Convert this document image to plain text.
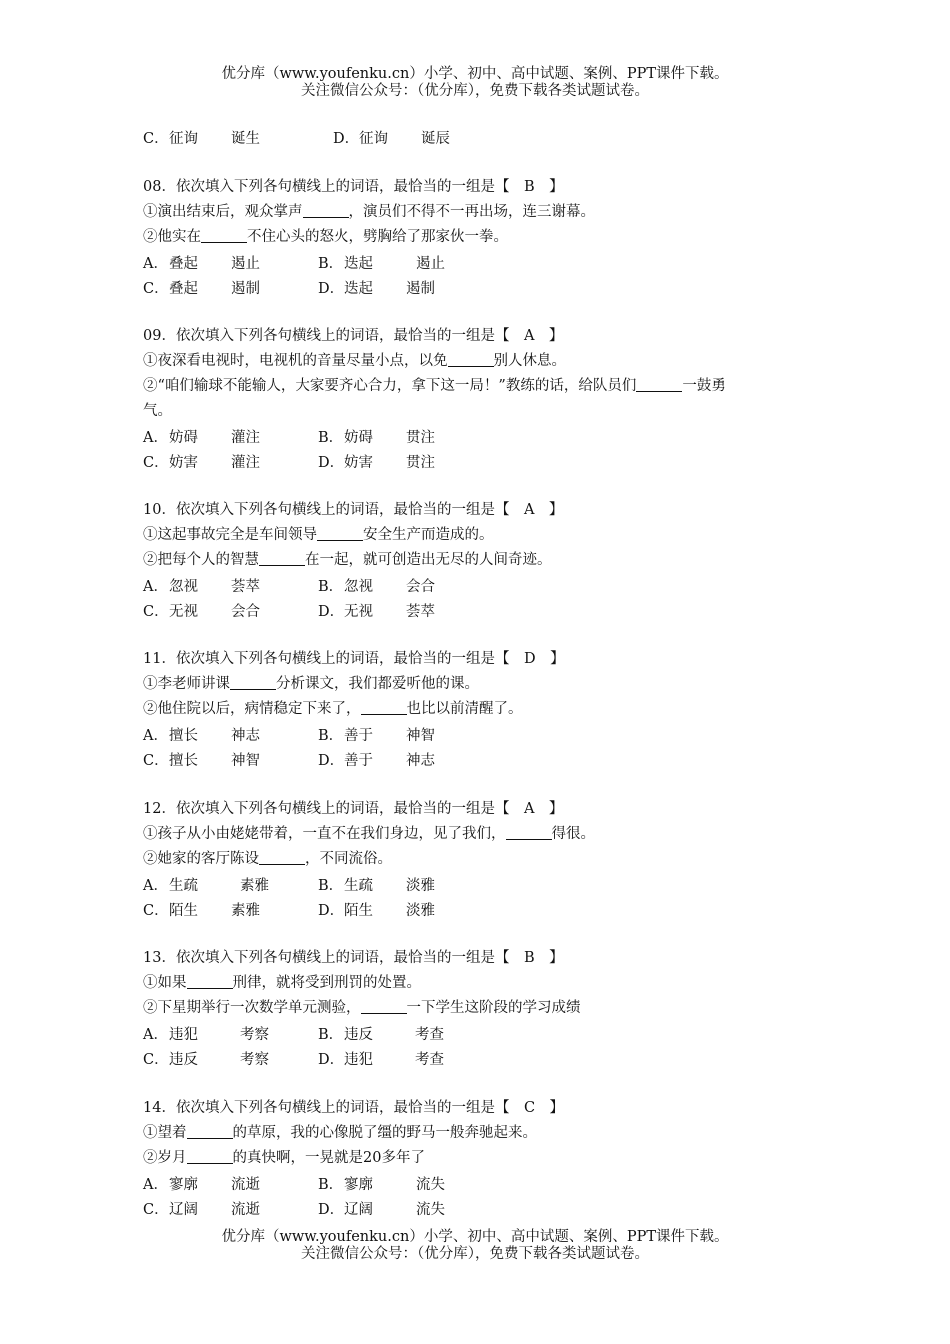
优分库（www.youfenku.cn）小学、初中、高中试题、案例、PPT课件下载。
关注微信公众号：（优分库），免费下载各类试题试卷。
C． 征询 诞生	D． 征询 诞辰
08．依次填入下列各句横线上的词语，最恰当的一组是【　B　】
①演出结束后，观众掌声	，演员们不得不一再出场，连三谢幕。
②他实在	不住心头的怒火，劈胸给了那家伙一拳。
A． 叠起 遏止	B． 迭起	遏止
C． 叠起 遏制	D． 迭起 遏制
09．依次填入下列各句横线上的词语，最恰当的一组是【　A　】
①夜深看电视时，电视机的音量尽量小点，以免	别人休息。
②“咱们输球不能输人，大家要齐心合力，拿下这一局！”教练的话，给队员们	一鼓勇
气。
A． 妨碍 灌注	B． 妨碍 贯注
C． 妨害 灌注	D． 妨害 贯注
10．依次填入下列各句横线上的词语，最恰当的一组是【　A　】
①这起事故完全是车间领导	安全生产而造成的。
②把每个人的智慧	在一起，就可创造出无尽的人间奇迹。
A． 忽视 荟萃	B． 忽视 会合
C． 无视 会合	D． 无视 荟萃
11．依次填入下列各句横线上的词语，最恰当的一组是【　D　】
①李老师讲课	分析课文，我们都爱听他的课。
②他住院以后，病情稳定下来了，	也比以前清醒了。
A． 擅长 神志	B． 善于 神智
C． 擅长 神智	D． 善于 神志
12．依次填入下列各句横线上的词语，最恰当的一组是【　A　】
①孩子从小由姥姥带着，一直不在我们身边，见了我们，	得很。
②她家的客厅陈设	，不同流俗。
A． 生疏	素雅	B． 生疏 淡雅
C． 陌生 素雅	D． 陌生 淡雅
13．依次填入下列各句横线上的词语，最恰当的一组是【　B　】
①如果	刑律，就将受到刑罚的处置。
②下星期举行一次数学单元测验，	一下学生这阶段的学习成绩
A． 违犯	考察	B． 违反	考查
C． 违反	考察	D． 违犯	考查
14．依次填入下列各句横线上的词语，最恰当的一组是【　C　】
①望着	的草原，我的心像脱了缰的野马一般奔驰起来。
②岁月	的真快啊，一晃就是20多年了
A． 寥廓 流逝	B． 寥廓	流失
C． 辽阔 流逝	D． 辽阔	流失
优分库（www.youfenku.cn）小学、初中、高中试题、案例、PPT课件下载。
关注微信公众号：（优分库），免费下载各类试题试卷。
